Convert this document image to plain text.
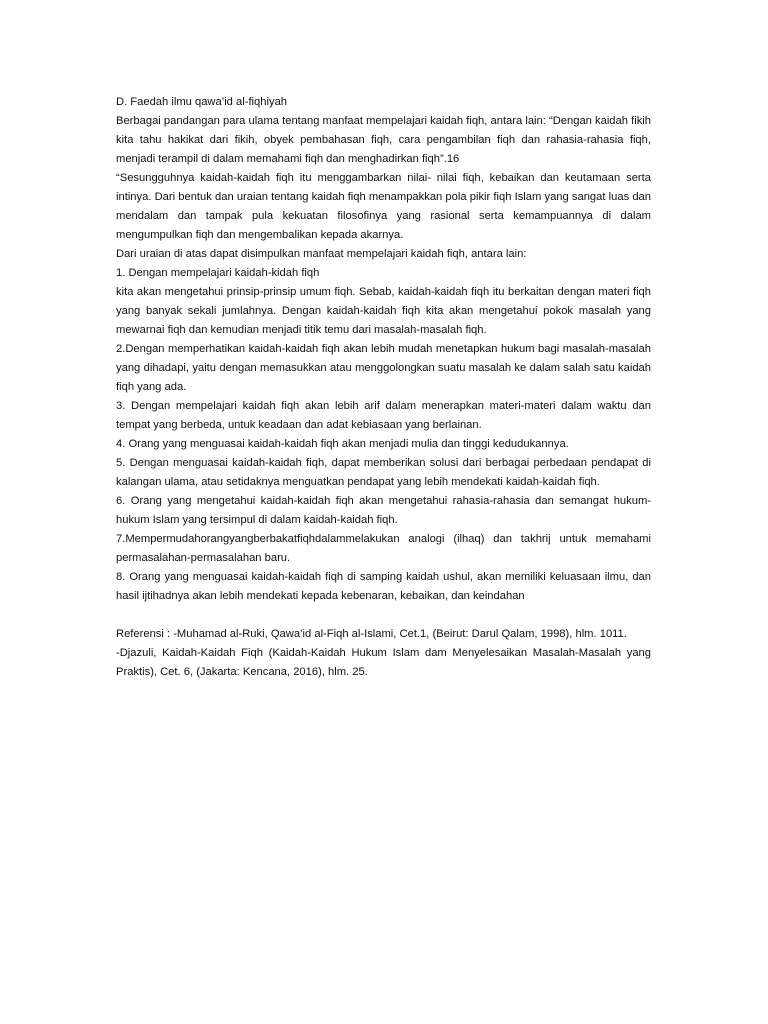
D. Faedah ilmu qawa’id al-fiqhiyah

Berbagai pandangan para ulama tentang manfaat mempelajari kaidah fiqh, antara lain: “Dengan kaidah fikih kita tahu hakikat dari fikih, obyek pembahasan fiqh, cara pengambilan fiqh dan rahasia-rahasia fiqh, menjadi terampil di dalam memahami fiqh dan menghadirkan fiqh”.16

“Sesungguhnya kaidah-kaidah fiqh itu menggambarkan nilai- nilai fiqh, kebaikan dan keutamaan serta intinya. Dari bentuk dan uraian tentang kaidah fiqh menampakkan pola pikir fiqh Islam yang sangat luas dan mendalam dan tampak pula kekuatan filosofinya yang rasional serta kemampuannya di dalam mengumpulkan fiqh dan mengembalikan kepada akarnya.

Dari uraian di atas dapat disimpulkan manfaat mempelajari kaidah fiqh, antara lain:

1. Dengan mempelajari kaidah-kidah fiqh

kita akan mengetahui prinsip-prinsip umum fiqh. Sebab, kaidah-kaidah fiqh itu berkaitan dengan materi fiqh yang banyak sekali jumlahnya. Dengan kaidah-kaidah fiqh kita akan mengetahui pokok masalah yang mewarnai fiqh dan kemudian menjadi titik temu dari masalah-masalah fiqh.

2.Dengan memperhatikan kaidah-kaidah fiqh akan lebih mudah menetapkan hukum bagi masalah-masalah yang dihadapi, yaitu dengan memasukkan atau menggolongkan suatu masalah ke dalam salah satu kaidah fiqh yang ada.

3. Dengan mempelajari kaidah fiqh akan lebih arif dalam menerapkan materi-materi dalam waktu dan tempat yang berbeda, untuk keadaan dan adat kebiasaan yang berlainan.

4. Orang yang menguasai kaidah-kaidah fiqh akan menjadi mulia dan tinggi kedudukannya.

5. Dengan menguasai kaidah-kaidah fiqh, dapat memberikan solusi dari berbagai perbedaan pendapat di kalangan ulama, atau setidaknya menguatkan pendapat yang lebih mendekati kaidah-kaidah fiqh.

6. Orang yang mengetahui kaidah-kaidah fiqh akan mengetahui rahasia-rahasia dan semangat hukum-hukum Islam yang tersimpul di dalam kaidah-kaidah fiqh.

7.Mempermudahorangyangberbakatfiqhdalammelakukan analogi (ilhaq) dan takhrij untuk memahami permasalahan-permasalahan baru.

8. Orang yang menguasai kaidah-kaidah fiqh di samping kaidah ushul, akan memiliki keluasaan ilmu, dan hasil ijtihadnya akan lebih mendekati kepada kebenaran, kebaikan, dan keindahan

Referensi : -Muhamad al-Ruki, Qawa’id al-Fiqh al-Islami, Cet.1, (Beirut: Darul Qalam, 1998), hlm. 1011.

-Djazuli, Kaidah-Kaidah Fiqh (Kaidah-Kaidah Hukum Islam dam Menyelesaikan Masalah-Masalah yang Praktis), Cet. 6, (Jakarta: Kencana, 2016), hlm. 25.
